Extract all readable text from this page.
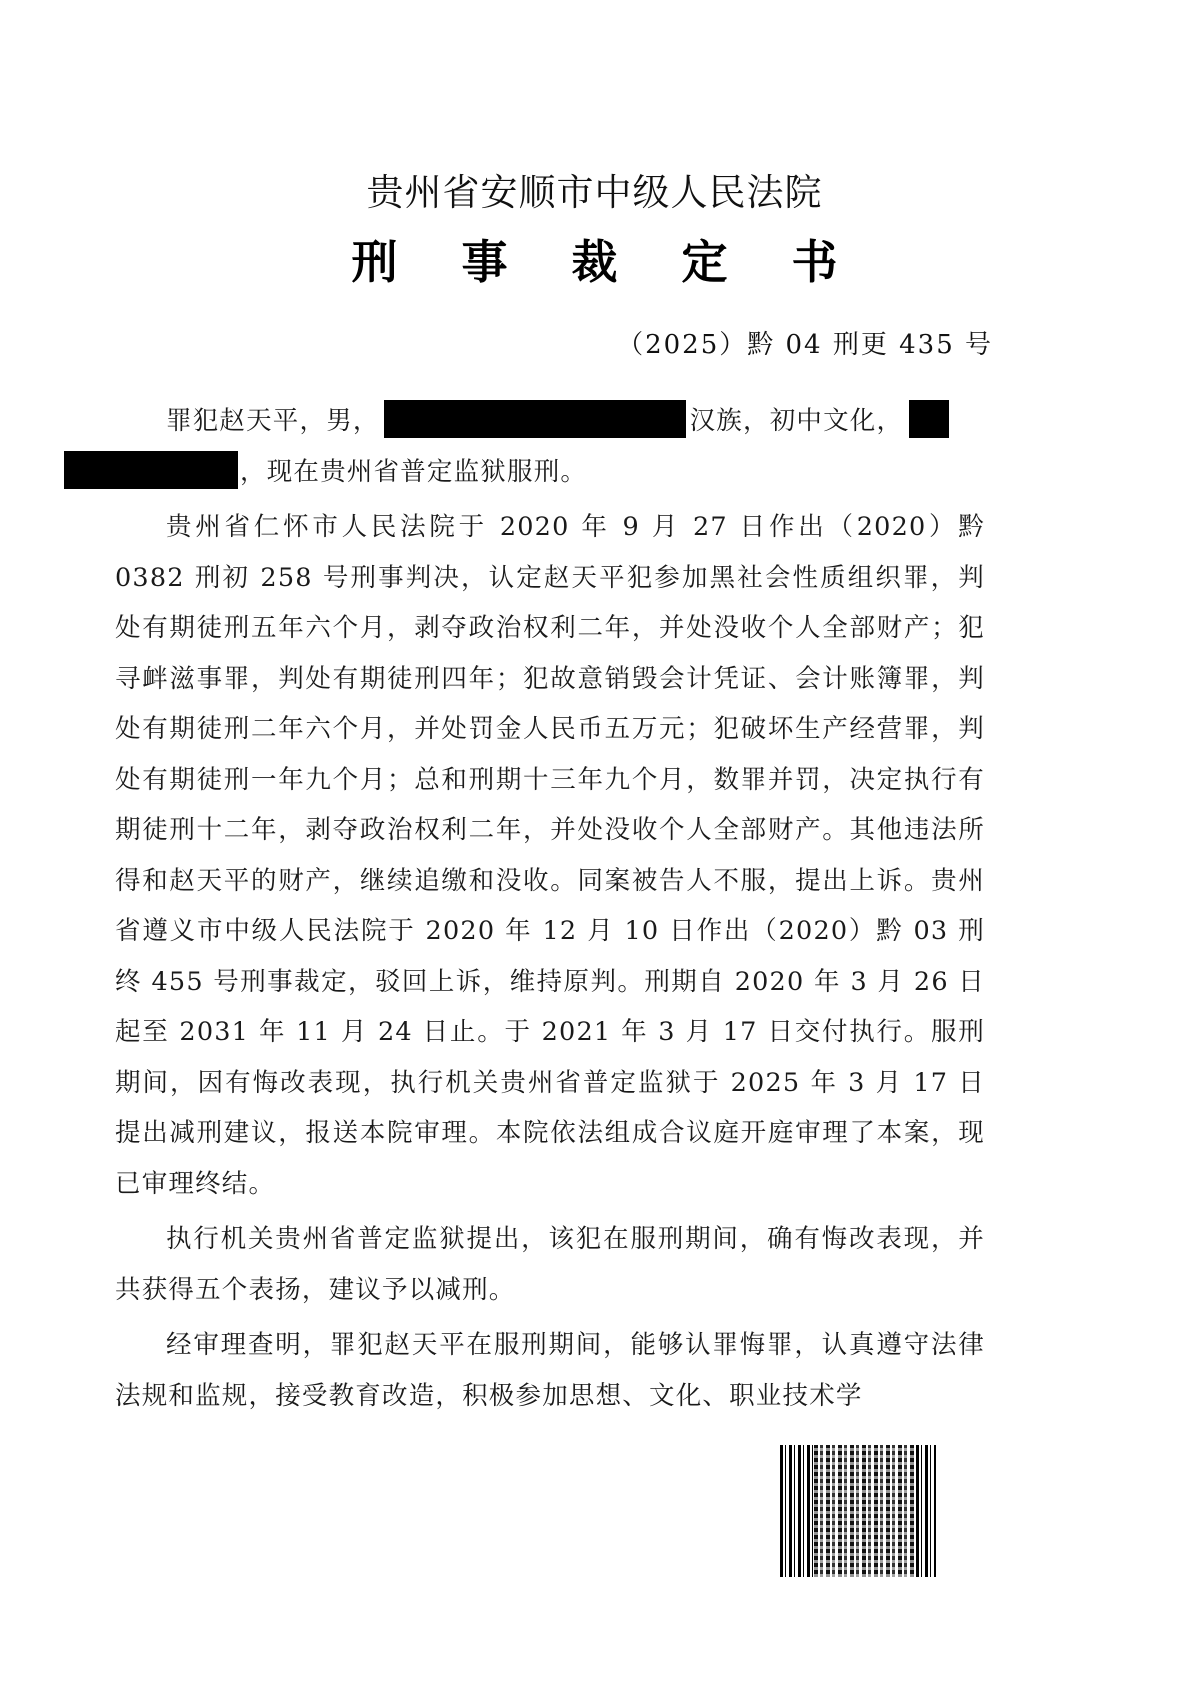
贵州省安顺市中级人民法院
刑 事 裁 定 书
（2025）黔 04 刑更 435 号

罪犯赵天平，男，	汉族，初中文化，
，现在贵州省普定监狱服刑。

贵州省仁怀市人民法院于 2020 年 9 月 27 日作出（2020）黔 0382 刑初 258 号刑事判决，认定赵天平犯参加黑社会性质组织罪，判处有期徒刑五年六个月，剥夺政治权利二年，并处没收个人全部财产；犯寻衅滋事罪，判处有期徒刑四年；犯故意销毁会计凭证、会计账簿罪，判处有期徒刑二年六个月，并处罚金人民币五万元；犯破坏生产经营罪，判处有期徒刑一年九个月；总和刑期十三年九个月，数罪并罚，决定执行有期徒刑十二年，剥夺政治权利二年，并处没收个人全部财产。其他违法所得和赵天平的财产，继续追缴和没收。同案被告人不服，提出上诉。贵州省遵义市中级人民法院于 2020 年 12 月 10 日作出（2020）黔 03 刑终 455 号刑事裁定，驳回上诉，维持原判。刑期自 2020 年 3 月 26 日起至 2031 年 11 月 24 日止。于 2021 年 3 月 17 日交付执行。服刑期间，因有悔改表现，执行机关贵州省普定监狱于 2025 年 3 月 17 日提出减刑建议，报送本院审理。本院依法组成合议庭开庭审理了本案，现已审理终结。

执行机关贵州省普定监狱提出，该犯在服刑期间，确有悔改表现，并共获得五个表扬，建议予以减刑。

经审理查明，罪犯赵天平在服刑期间，能够认罪悔罪，认真遵守法律法规和监规，接受教育改造，积极参加思想、文化、职业技术学
